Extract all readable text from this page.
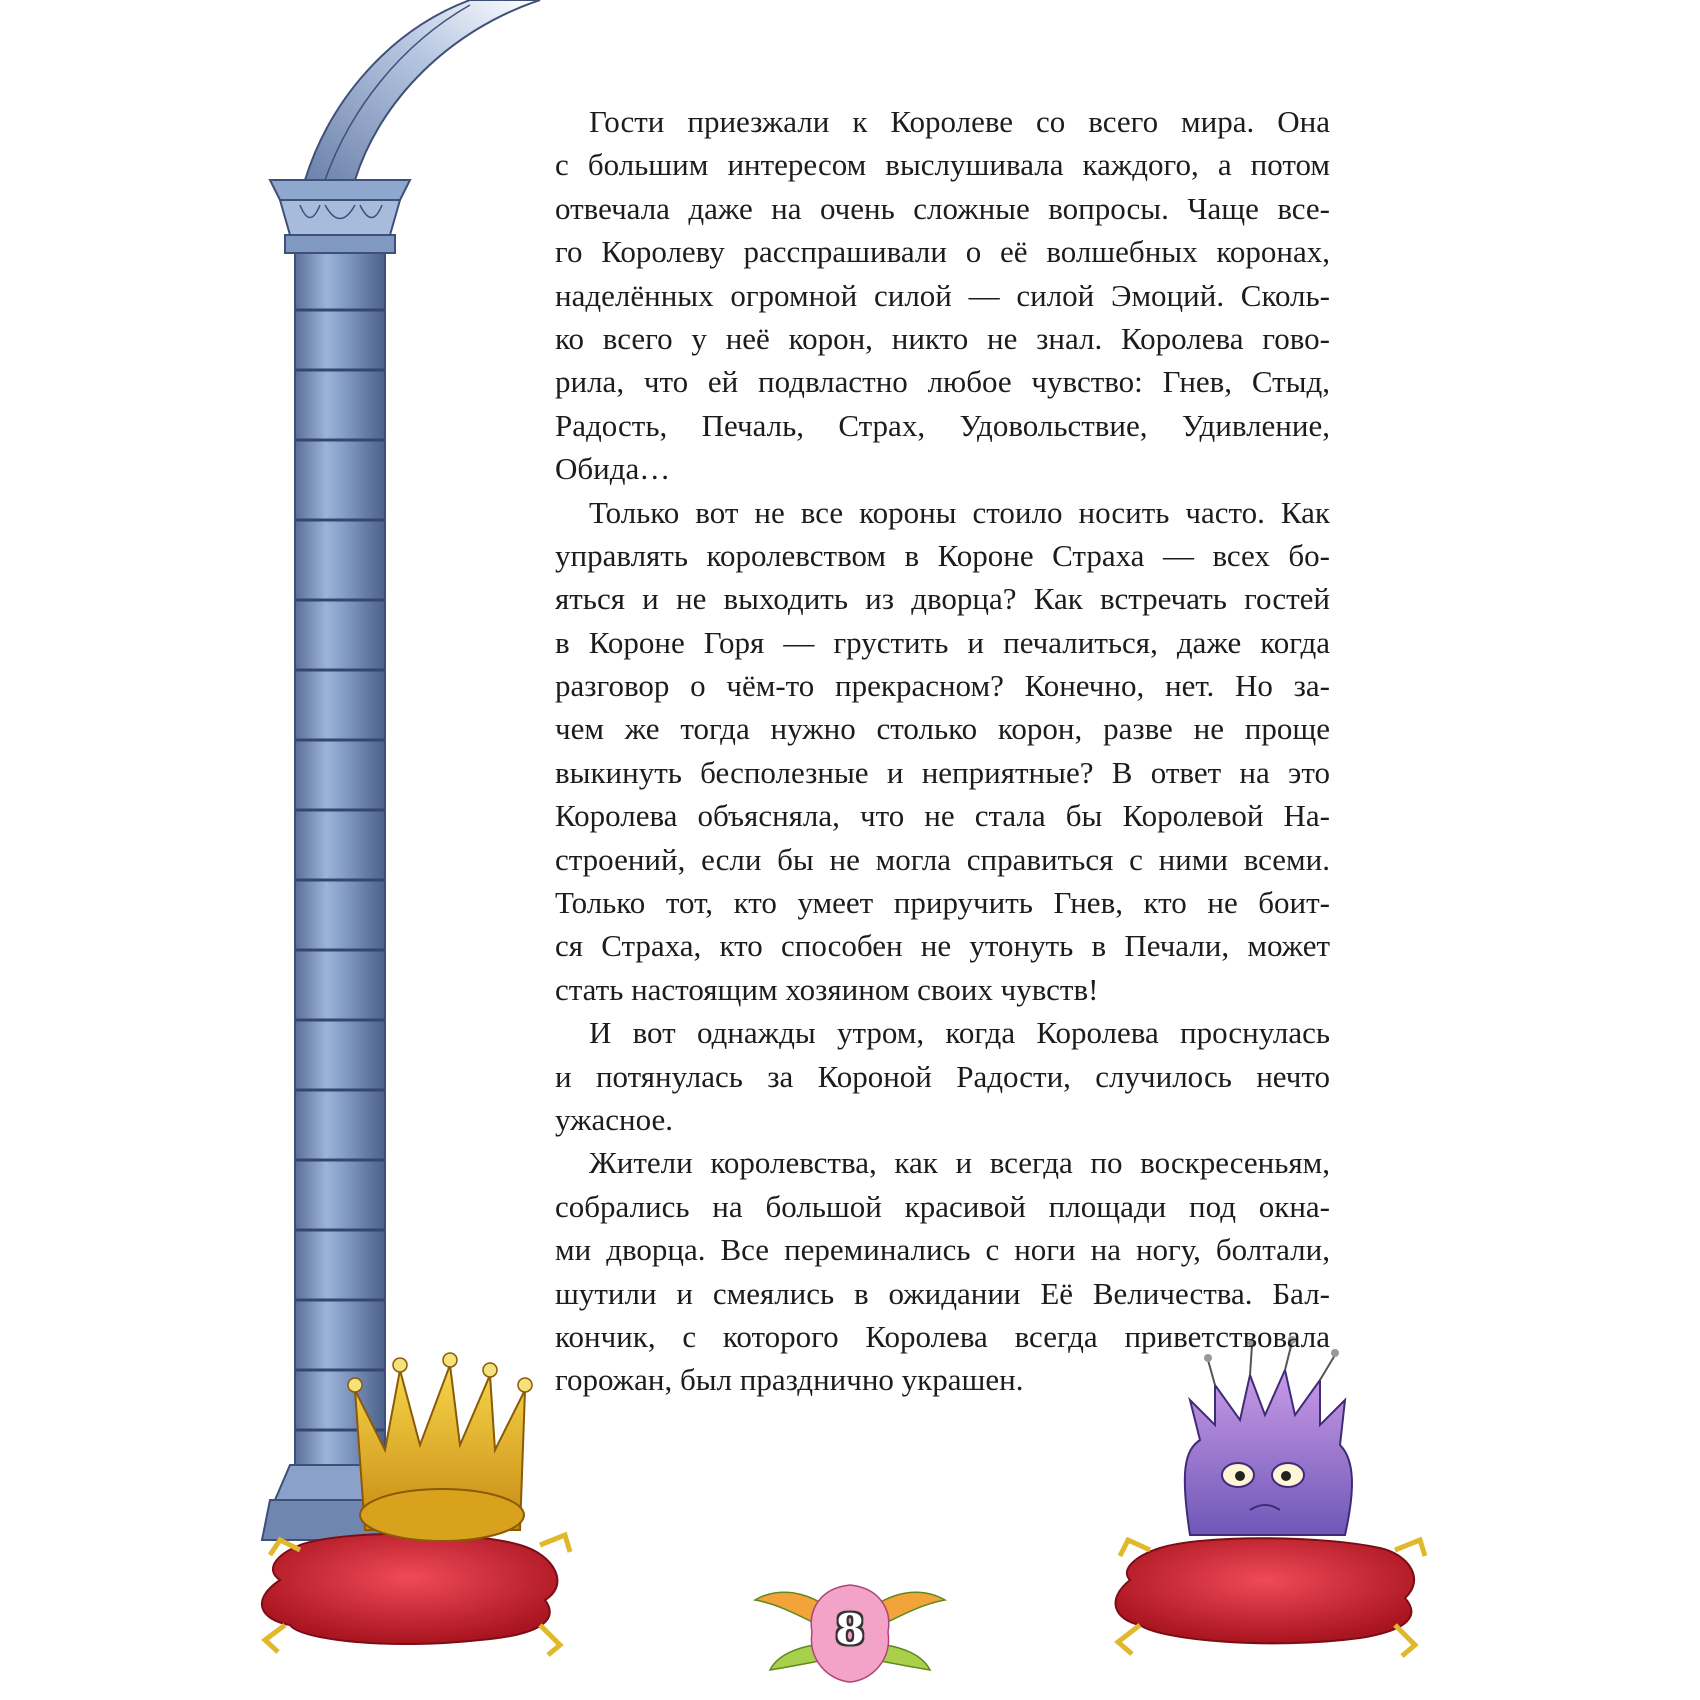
Гости приезжали к Королеве со всего мира. Она
с большим интересом выслушивала каждого, а потом
отвечала даже на очень сложные вопросы. Чаще все-
го Королеву расспрашивали о её волшебных коронах,
наделённых огромной силой — силой Эмоций. Сколь-
ко всего у неё корон, никто не знал. Королева гово-
рила, что ей подвластно любое чувство: Гнев, Стыд,
Радость, Печаль, Страх, Удовольствие, Удивление,
Обида…

Только вот не все короны стоило носить часто. Как
управлять королевством в Короне Страха — всех бо-
яться и не выходить из дворца? Как встречать гостей
в Короне Горя — грустить и печалиться, даже когда
разговор о чём-то прекрасном? Конечно, нет. Но за-
чем же тогда нужно столько корон, разве не проще
выкинуть бесполезные и неприятные? В ответ на это
Королева объясняла, что не стала бы Королевой На-
строений, если бы не могла справиться с ними всеми.
Только тот, кто умеет приручить Гнев, кто не боит-
ся Страха, кто способен не утонуть в Печали, может
стать настоящим хозяином своих чувств!

И вот однажды утром, когда Королева проснулась
и потянулась за Короной Радости, случилось нечто
ужасное.

Жители королевства, как и всегда по воскресеньям,
собрались на большой красивой площади под окна-
ми дворца. Все переминались с ноги на ногу, болтали,
шутили и смеялись в ожидании Её Величества. Бал-
кончик, с которого Королева всегда приветствовала
горожан, был празднично украшен.

8
